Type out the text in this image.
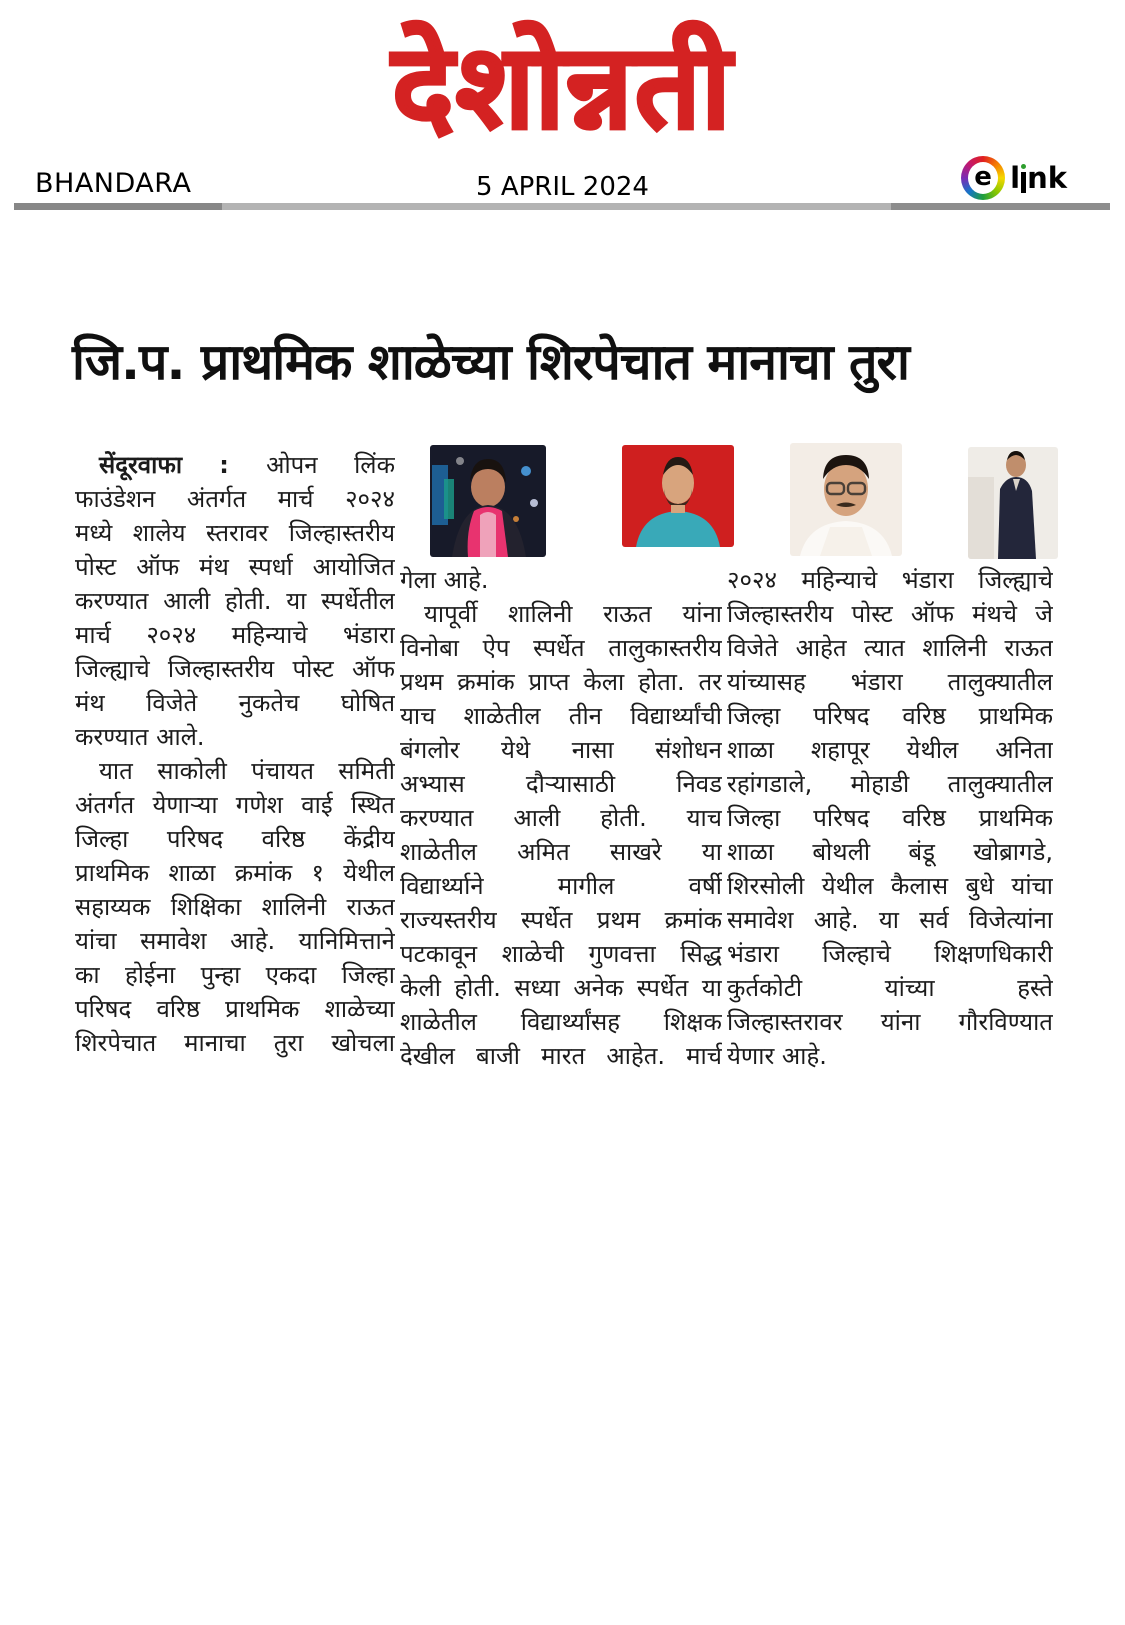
देशोन्नती
BHANDARA	5 APRIL 2024	e l nk
जि.प. प्राथमिक शाळेच्या शिरपेचात मानाचा तुरा
 सेंदूरवाफा : ओपन लिंक
फाउंडेशन अंतर्गत मार्च २०२४
मध्ये शालेय स्तरावर जिल्हास्तरीय
पोस्ट ऑफ मंथ स्पर्धा आयोजित
करण्यात आली होती. या स्पर्धेतील
मार्च २०२४ महिन्याचे भंडारा
जिल्ह्याचे जिल्हास्तरीय पोस्ट ऑफ
मंथ विजेते नुकतेच घोषित
करण्यात आले.
 यात साकोली पंचायत समिती
अंतर्गत येणाऱ्या गणेश वाई स्थित
जिल्हा परिषद वरिष्ठ केंद्रीय
प्राथमिक शाळा क्रमांक १ येथील
सहाय्यक शिक्षिका शालिनी राऊत
यांचा समावेश आहे. यानिमित्ताने
का होईना पुन्हा एकदा जिल्हा
परिषद वरिष्ठ प्राथमिक शाळेच्या
शिरपेचात मानाचा तुरा खोचला
गेला आहे.
 यापूर्वी शालिनी राऊत यांना
विनोबा ऐप स्पर्धेत तालुकास्तरीय
प्रथम क्रमांक प्राप्त केला होता. तर
याच शाळेतील तीन विद्यार्थ्यांची
बंगलोर येथे नासा संशोधन
अभ्यास दौऱ्यासाठी निवड
करण्यात आली होती. याच
शाळेतील अमित साखरे या
विद्यार्थ्याने मागील वर्षी
राज्यस्तरीय स्पर्धेत प्रथम क्रमांक
पटकावून शाळेची गुणवत्ता सिद्ध
केली होती. सध्या अनेक स्पर्धेत या
शाळेतील विद्यार्थ्यांसह शिक्षक
देखील बाजी मारत आहेत. मार्च
२०२४ महिन्याचे भंडारा जिल्ह्याचे
जिल्हास्तरीय पोस्ट ऑफ मंथचे जे
विजेते आहेत त्यात शालिनी राऊत
यांच्यासह भंडारा तालुक्यातील
जिल्हा परिषद वरिष्ठ प्राथमिक
शाळा शहापूर येथील अनिता
रहांगडाले, मोहाडी तालुक्यातील
जिल्हा परिषद वरिष्ठ प्राथमिक
शाळा बोथली बंडू खोब्रागडे,
शिरसोली येथील कैलास बुधे यांचा
समावेश आहे. या सर्व विजेत्यांना
भंडारा जिल्हाचे शिक्षणधिकारी
कुर्तकोटी यांच्या हस्ते
जिल्हास्तरावर यांना गौरविण्यात
येणार आहे.
